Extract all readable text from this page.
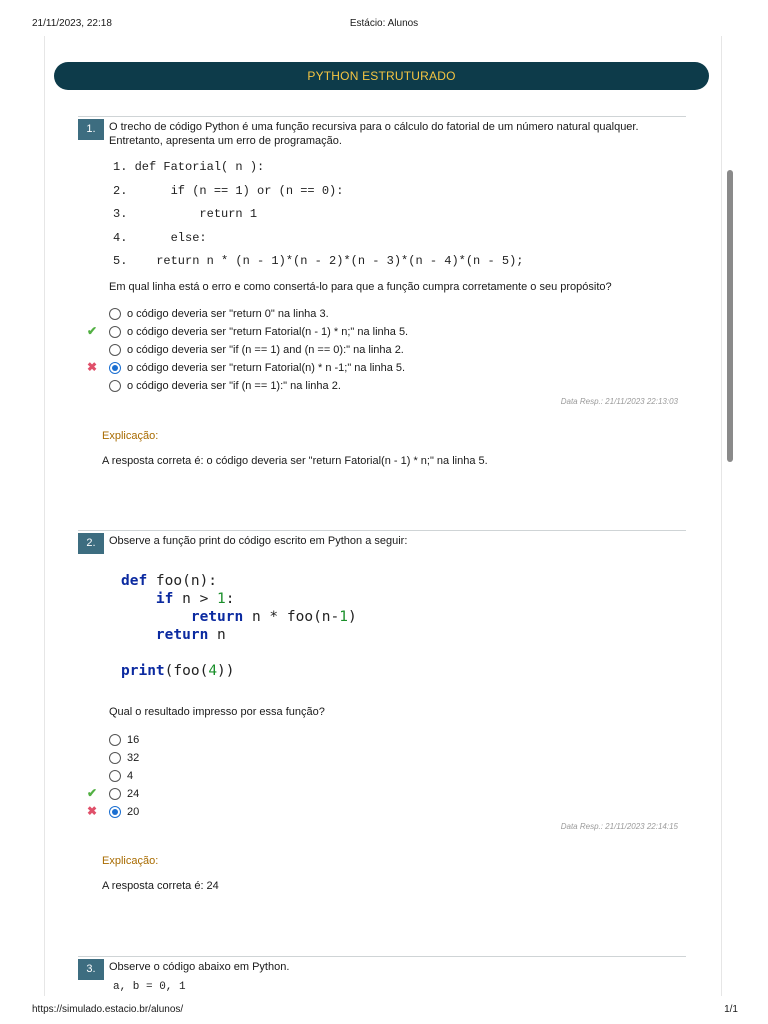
21/11/2023, 22:18	Estácio: Alunos
PYTHON ESTRUTURADO
1.	O trecho de código Python é uma função recursiva para o cálculo do fatorial de um número natural qualquer. Entretanto, apresenta um erro de programação.
1. def Fatorial( n ):
2.      if (n == 1) or (n == 0):
3.          return 1
4.      else:
5.    return n * (n - 1)*(n - 2)*(n - 3)*(n - 4)*(n - 5);
Em qual linha está o erro e como consertá-lo para que a função cumpra corretamente o seu propósito?
o código deveria ser "return 0" na linha 3.
✔	o código deveria ser "return Fatorial(n - 1) * n;" na linha 5.
o código deveria ser "if (n == 1) and (n == 0):" na linha 2.
✖	o código deveria ser "return Fatorial(n) * n -1;" na linha 5.
o código deveria ser "if (n == 1):" na linha 2.
Data Resp.: 21/11/2023 22:13:03
Explicação:
A resposta correta é: o código deveria ser "return Fatorial(n - 1) * n;" na linha 5.
2.	Observe a função print do código escrito em Python a seguir:
def foo(n):
if n > 1:
return n * foo(n-1)
return n

print(foo(4))
Qual o resultado impresso por essa função?
16
32
4
✔	24
✖	20
Data Resp.: 21/11/2023 22:14:15
Explicação:
A resposta correta é: 24
3.	Observe o código abaixo em Python.
a, b = 0, 1
https://simulado.estacio.br/alunos/	1/1
